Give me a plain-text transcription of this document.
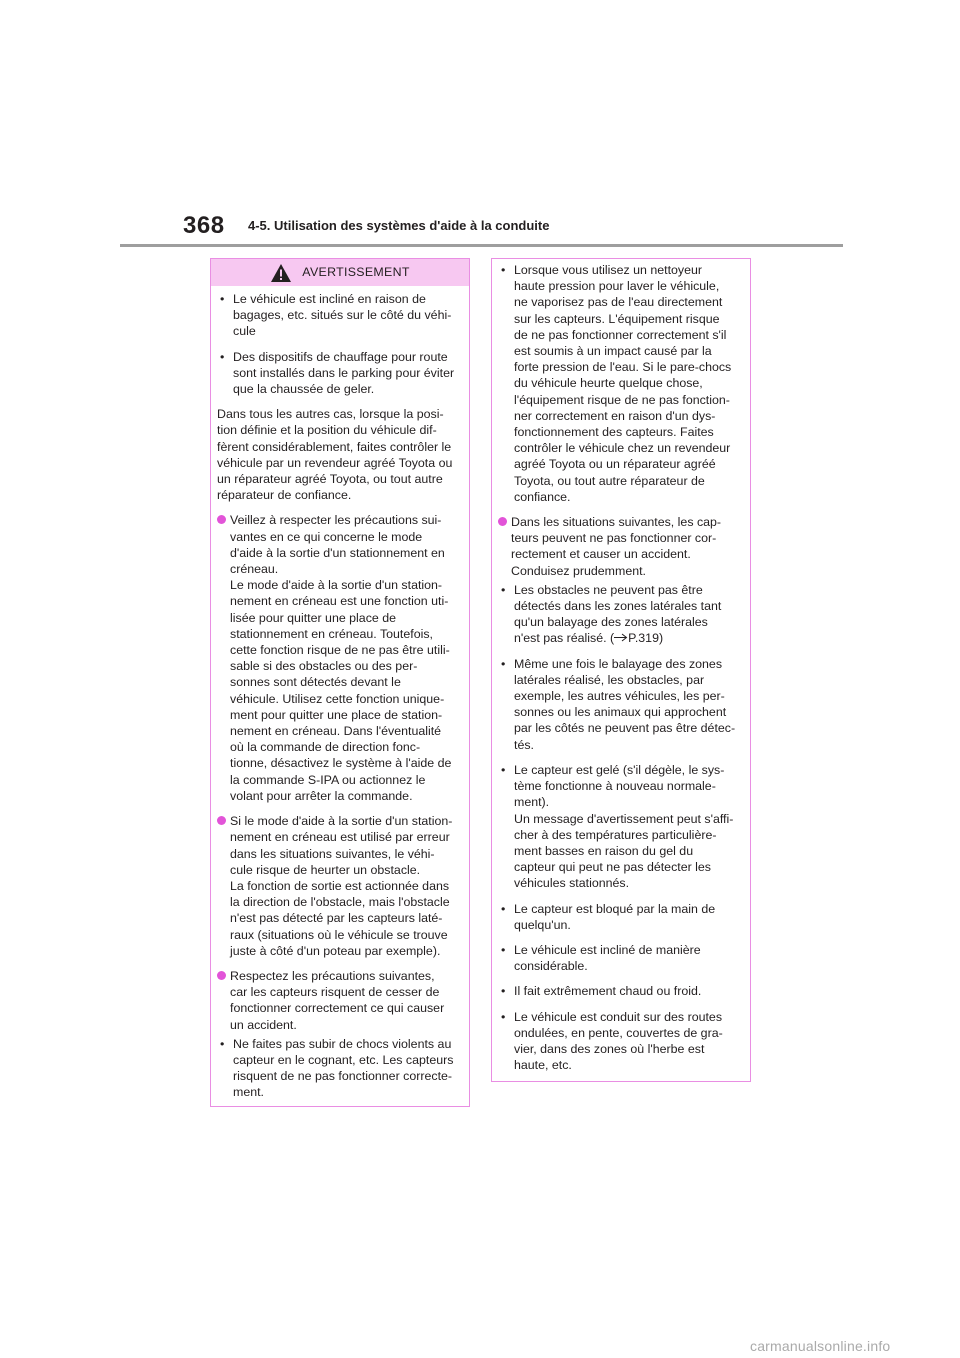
368 4-5. Utilisation des systèmes d'aide à la conduite
AVERTISSEMENT
• Le véhicule est incliné en raison de
bagages, etc. situés sur le côté du véhi-
cule
• Des dispositifs de chauffage pour route
sont installés dans le parking pour éviter
que la chaussée de geler.
Dans tous les autres cas, lorsque la posi-
tion définie et la position du véhicule dif-
fèrent considérablement, faites contrôler le
véhicule par un revendeur agréé Toyota ou
un réparateur agréé Toyota, ou tout autre
réparateur de confiance.
Veillez à respecter les précautions sui-
vantes en ce qui concerne le mode
d'aide à la sortie d'un stationnement en
créneau.
Le mode d'aide à la sortie d'un station-
nement en créneau est une fonction uti-
lisée pour quitter une place de
stationnement en créneau. Toutefois,
cette fonction risque de ne pas être utili-
sable si des obstacles ou des per-
sonnes sont détectés devant le
véhicule. Utilisez cette fonction unique-
ment pour quitter une place de station-
nement en créneau. Dans l'éventualité
où la commande de direction fonc-
tionne, désactivez le système à l'aide de
la commande S-IPA ou actionnez le
volant pour arrêter la commande.
Si le mode d'aide à la sortie d'un station-
nement en créneau est utilisé par erreur
dans les situations suivantes, le véhi-
cule risque de heurter un obstacle.
La fonction de sortie est actionnée dans
la direction de l'obstacle, mais l'obstacle
n'est pas détecté par les capteurs laté-
raux (situations où le véhicule se trouve
juste à côté d'un poteau par exemple).
Respectez les précautions suivantes,
car les capteurs risquent de cesser de
fonctionner correctement ce qui causer
un accident.
• Ne faites pas subir de chocs violents au
capteur en le cognant, etc. Les capteurs
risquent de ne pas fonctionner correcte-
ment.
• Lorsque vous utilisez un nettoyeur
haute pression pour laver le véhicule,
ne vaporisez pas de l'eau directement
sur les capteurs. L'équipement risque
de ne pas fonctionner correctement s'il
est soumis à un impact causé par la
forte pression de l'eau. Si le pare-chocs
du véhicule heurte quelque chose,
l'équipement risque de ne pas fonction-
ner correctement en raison d'un dys-
fonctionnement des capteurs. Faites
contrôler le véhicule chez un revendeur
agréé Toyota ou un réparateur agréé
Toyota, ou tout autre réparateur de
confiance.
Dans les situations suivantes, les cap-
teurs peuvent ne pas fonctionner cor-
rectement et causer un accident.
Conduisez prudemment.
• Les obstacles ne peuvent pas être
détectés dans les zones latérales tant
qu'un balayage des zones latérales
n'est pas réalisé. ( P.319)
• Même une fois le balayage des zones
latérales réalisé, les obstacles, par
exemple, les autres véhicules, les per-
sonnes ou les animaux qui approchent
par les côtés ne peuvent pas être détec-
tés.
• Le capteur est gelé (s'il dégèle, le sys-
tème fonctionne à nouveau normale-
ment).
Un message d'avertissement peut s'affi-
cher à des températures particulière-
ment basses en raison du gel du
capteur qui peut ne pas détecter les
véhicules stationnés.
• Le capteur est bloqué par la main de
quelqu'un.
• Le véhicule est incliné de manière
considérable.
• Il fait extrêmement chaud ou froid.
• Le véhicule est conduit sur des routes
ondulées, en pente, couvertes de gra-
vier, dans des zones où l'herbe est
haute, etc.
carmanualsonline.info
